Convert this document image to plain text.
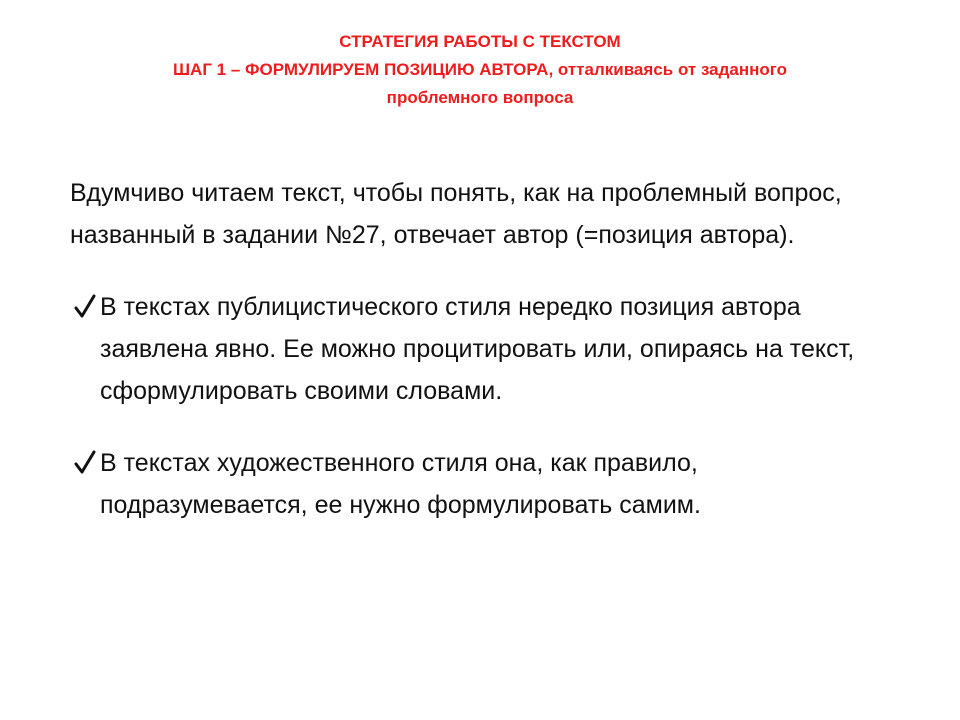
СТРАТЕГИЯ РАБОТЫ С ТЕКСТОМ
ШАГ 1 – ФОРМУЛИРУЕМ ПОЗИЦИЮ АВТОРА, отталкиваясь от заданного
проблемного вопроса

Вдумчиво читаем текст, чтобы понять, как на проблемный вопрос, названный в задании №27, отвечает автор (=позиция автора).

В текстах публицистического стиля нередко позиция автора заявлена явно. Ее можно процитировать или, опираясь на текст, сформулировать своими словами.
В текстах художественного стиля она, как правило, подразумевается, ее нужно формулировать самим.
